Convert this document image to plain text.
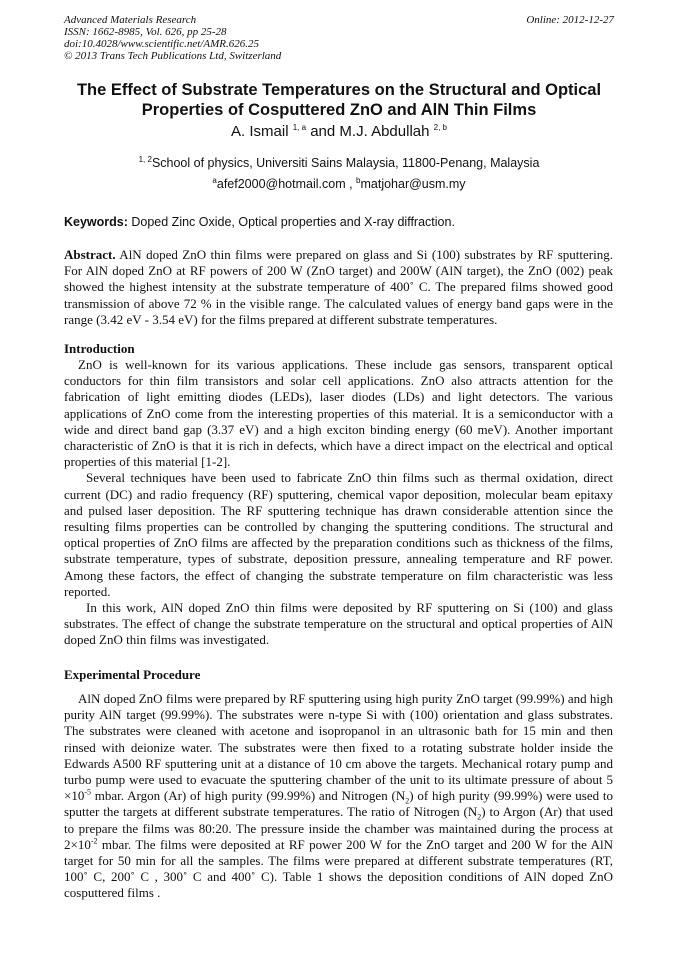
Advanced Materials Research
ISSN: 1662-8985, Vol. 626, pp 25-28
doi:10.4028/www.scientific.net/AMR.626.25
© 2013 Trans Tech Publications Ltd, Switzerland
Online: 2012-12-27
The Effect of Substrate Temperatures on the Structural and Optical
Properties of Cosputtered ZnO and AlN Thin Films
A. Ismail $^{1, a}$ and M.J. Abdullah $^{2, b}$
$^{1, 2}$School of physics, Universiti Sains Malaysia, 11800-Penang, Malaysia
$^a$afef2000@hotmail.com , $^b$matjohar@usm.my
Keywords: Doped Zinc Oxide, Optical properties and X-ray diffraction.

Abstract. AlN doped ZnO thin films were prepared on glass and Si (100) substrates by RF sputtering. For AlN doped ZnO at RF powers of 200 W (ZnO target) and 200W (AlN target), the ZnO (002) peak showed the highest intensity at the substrate temperature of 400˚ C. The prepared films showed good transmission of above 72 % in the visible range. The calculated values of energy band gaps were in the range (3.42 eV - 3.54 eV) for the films prepared at different substrate temperatures.

Introduction

ZnO is well-known for its various applications. These include gas sensors, transparent optical conductors for thin film transistors and solar cell applications. ZnO also attracts attention for the fabrication of light emitting diodes (LEDs), laser diodes (LDs) and light detectors. The various applications of ZnO come from the interesting properties of this material. It is a semiconductor with a wide and direct band gap (3.37 eV) and a high exciton binding energy (60 meV). Another important characteristic of ZnO is that it is rich in defects, which have a direct impact on the electrical and optical properties of this material [1-2].

Several techniques have been used to fabricate ZnO thin films such as thermal oxidation, direct current (DC) and radio frequency (RF) sputtering, chemical vapor deposition, molecular beam epitaxy and pulsed laser deposition. The RF sputtering technique has drawn considerable attention since the resulting films properties can be controlled by changing the sputtering conditions. The structural and optical properties of ZnO films are affected by the preparation conditions such as thickness of the films, substrate temperature, types of substrate, deposition pressure, annealing temperature and RF power. Among these factors, the effect of changing the substrate temperature on film characteristic was less reported.

In this work, AlN doped ZnO thin films were deposited by RF sputtering on Si (100) and glass substrates. The effect of change the substrate temperature on the structural and optical properties of AlN doped ZnO thin films was investigated.

Experimental Procedure

AlN doped ZnO films were prepared by RF sputtering using high purity ZnO target (99.99%) and high purity AlN target (99.99%). The substrates were n-type Si with (100) orientation and glass substrates. The substrates were cleaned with acetone and isopropanol in an ultrasonic bath for 15 min and then rinsed with deionize water. The substrates were then fixed to a rotating substrate holder inside the Edwards A500 RF sputtering unit at a distance of 10 cm above the targets. Mechanical rotary pump and turbo pump were used to evacuate the sputtering chamber of the unit to its ultimate pressure of about $5 \times 10^{-5}$ mbar. Argon (Ar) of high purity (99.99%) and Nitrogen $(N_2)$ of high purity (99.99%) were used to sputter the targets at different substrate temperatures. The ratio of Nitrogen $(N_2)$ to Argon (Ar) that used to prepare the films was 80:20. The pressure inside the chamber was maintained during the process at $2\times 10^{-2}$ mbar. The films were deposited at RF power 200 W for the ZnO target and 200 W for the AlN target for 50 min for all the samples. The films were prepared at different substrate temperatures (RT, 100˚ C, 200˚ C , 300˚ C and 400˚ C). Table 1 shows the deposition conditions of AlN doped ZnO cosputtered films .
